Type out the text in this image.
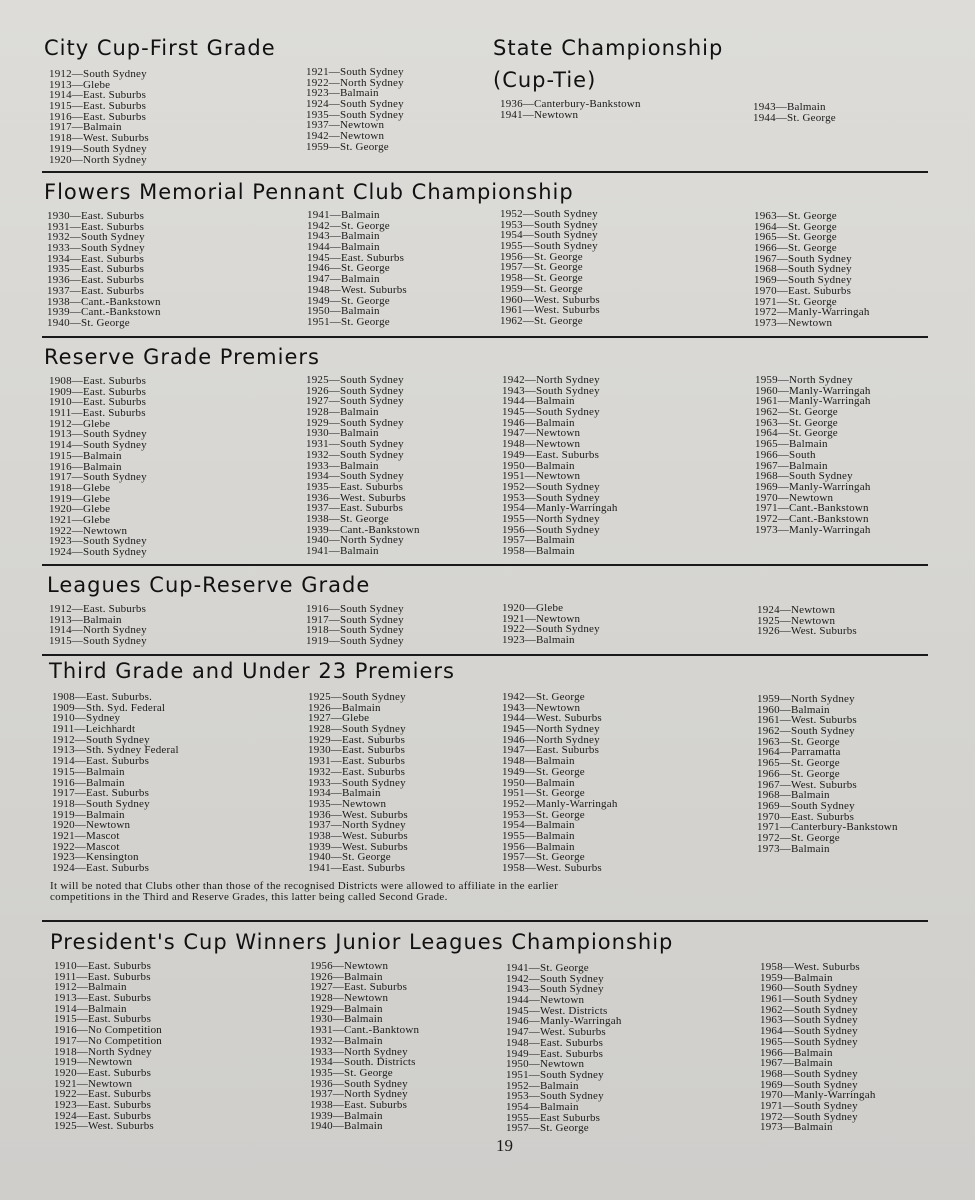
City Cup-First Grade
1912—South Sydney
1913—Glebe
1914—East. Suburbs
1915—East. Suburbs
1916—East. Suburbs
1917—Balmain
1918—West. Suburbs
1919—South Sydney
1920—North Sydney
1921—South Sydney
1922—North Sydney
1923—Balmain
1924—South Sydney
1935—South Sydney
1937—Newtown
1942—Newtown
1959—St. George
State Championship
(Cup-Tie)
1936—Canterbury-Bankstown
1941—Newtown
1943—Balmain
1944—St. George
Flowers Memorial Pennant Club Championship
1930—East. Suburbs
1931—East. Suburbs
1932—South Sydney
1933—South Sydney
1934—East. Suburbs
1935—East. Suburbs
1936—East. Suburbs
1937—East. Suburbs
1938—Cant.-Bankstown
1939—Cant.-Bankstown
1940—St. George
1941—Balmain
1942—St. George
1943—Balmain
1944—Balmain
1945—East. Suburbs
1946—St. George
1947—Balmain
1948—West. Suburbs
1949—St. George
1950—Balmain
1951—St. George
1952—South Sydney
1953—South Sydney
1954—South Sydney
1955—South Sydney
1956—St. George
1957—St. George
1958—St. George
1959—St. George
1960—West. Suburbs
1961—West. Suburbs
1962—St. George
1963—St. George
1964—St. George
1965—St. George
1966—St. George
1967—South Sydney
1968—South Sydney
1969—South Sydney
1970—East. Suburbs
1971—St. George
1972—Manly-Warringah
1973—Newtown
Reserve Grade Premiers
1908—East. Suburbs
1909—East. Suburbs
1910—East. Suburbs
1911—East. Suburbs
1912—Glebe
1913—South Sydney
1914—South Sydney
1915—Balmain
1916—Balmain
1917—South Sydney
1918—Glebe
1919—Glebe
1920—Glebe
1921—Glebe
1922—Newtown
1923—South Sydney
1924—South Sydney
1925—South Sydney
1926—South Sydney
1927—South Sydney
1928—Balmain
1929—South Sydney
1930—Balmain
1931—South Sydney
1932—South Sydney
1933—Balmain
1934—South Sydney
1935—East. Suburbs
1936—West. Suburbs
1937—East. Suburbs
1938—St. George
1939—Cant.-Bankstown
1940—North Sydney
1941—Balmain
1942—North Sydney
1943—South Sydney
1944—Balmain
1945—South Sydney
1946—Balmain
1947—Newtown
1948—Newtown
1949—East. Suburbs
1950—Balmain
1951—Newtown
1952—South Sydney
1953—South Sydney
1954—Manly-Warringah
1955—North Sydney
1956—South Sydney
1957—Balmain
1958—Balmain
1959—North Sydney
1960—Manly-Warringah
1961—Manly-Warringah
1962—St. George
1963—St. George
1964—St. George
1965—Balmain
1966—South
1967—Balmain
1968—South Sydney
1969—Manly-Warringah
1970—Newtown
1971—Cant.-Bankstown
1972—Cant.-Bankstown
1973—Manly-Warringah
Leagues Cup-Reserve Grade
1912—East. Suburbs
1913—Balmain
1914—North Sydney
1915—South Sydney
1916—South Sydney
1917—South Sydney
1918—South Sydney
1919—South Sydney
1920—Glebe
1921—Newtown
1922—South Sydney
1923—Balmain
1924—Newtown
1925—Newtown
1926—West. Suburbs
Third Grade and Under 23 Premiers
1908—East. Suburbs.
1909—Sth. Syd. Federal
1910—Sydney
1911—Leichhardt
1912—South Sydney
1913—Sth. Sydney Federal
1914—East. Suburbs
1915—Balmain
1916—Balmain
1917—East. Suburbs
1918—South Sydney
1919—Balmain
1920—Newtown
1921—Mascot
1922—Mascot
1923—Kensington
1924—East. Suburbs
1925—South Sydney
1926—Balmain
1927—Glebe
1928—South Sydney
1929—East. Suburbs
1930—East. Suburbs
1931—East. Suburbs
1932—East. Suburbs
1933—South Sydney
1934—Balmain
1935—Newtown
1936—West. Suburbs
1937—North Sydney
1938—West. Suburbs
1939—West. Suburbs
1940—St. George
1941—East. Suburbs
1942—St. George
1943—Newtown
1944—West. Suburbs
1945—North Sydney
1946—North Sydney
1947—East. Suburbs
1948—Balmain
1949—St. George
1950—Balmain
1951—St. George
1952—Manly-Warringah
1953—St. George
1954—Balmain
1955—Balmain
1956—Balmain
1957—St. George
1958—West. Suburbs
1959—North Sydney
1960—Balmain
1961—West. Suburbs
1962—South Sydney
1963—St. George
1964—Parramatta
1965—St. George
1966—St. George
1967—West. Suburbs
1968—Balmain
1969—South Sydney
1970—East. Suburbs
1971—Canterbury-Bankstown
1972—St. George
1973—Balmain
It will be noted that Clubs other than those of the recognised Districts were allowed to affiliate in the earlier competitions in the Third and Reserve Grades, this latter being called Second Grade.
President's Cup Winners Junior Leagues Championship
1910—East. Suburbs
1911—East. Suburbs
1912—Balmain
1913—East. Suburbs
1914—Balmain
1915—East. Suburbs
1916—No Competition
1917—No Competition
1918—North Sydney
1919—Newtown
1920—East. Suburbs
1921—Newtown
1922—East. Suburbs
1923—East. Suburbs
1924—East. Suburbs
1925—West. Suburbs
1956—Newtown
1926—Balmain
1927—East. Suburbs
1928—Newtown
1929—Balmain
1930—Balmain
1931—Cant.-Banktown
1932—Balmain
1933—North Sydney
1934—South. Districts
1935—St. George
1936—South Sydney
1937—North Sydney
1938—East. Suburbs
1939—Balmain
1940—Balmain
1941—St. George
1942—South Sydney
1943—South Sydney
1944—Newtown
1945—West. Districts
1946—Manly-Warringah
1947—West. Suburbs
1948—East. Suburbs
1949—East. Suburbs
1950—Newtown
1951—South Sydney
1952—Balmain
1953—South Sydney
1954—Balmain
1955—East Suburbs
1957—St. George
1958—West. Suburbs
1959—Balmain
1960—South Sydney
1961—South Sydney
1962—South Sydney
1963—South Sydney
1964—South Sydney
1965—South Sydney
1966—Balmain
1967—Balmain
1968—South Sydney
1969—South Sydney
1970—Manly-Warringah
1971—South Sydney
1972—South Sydney
1973—Balmain
19
